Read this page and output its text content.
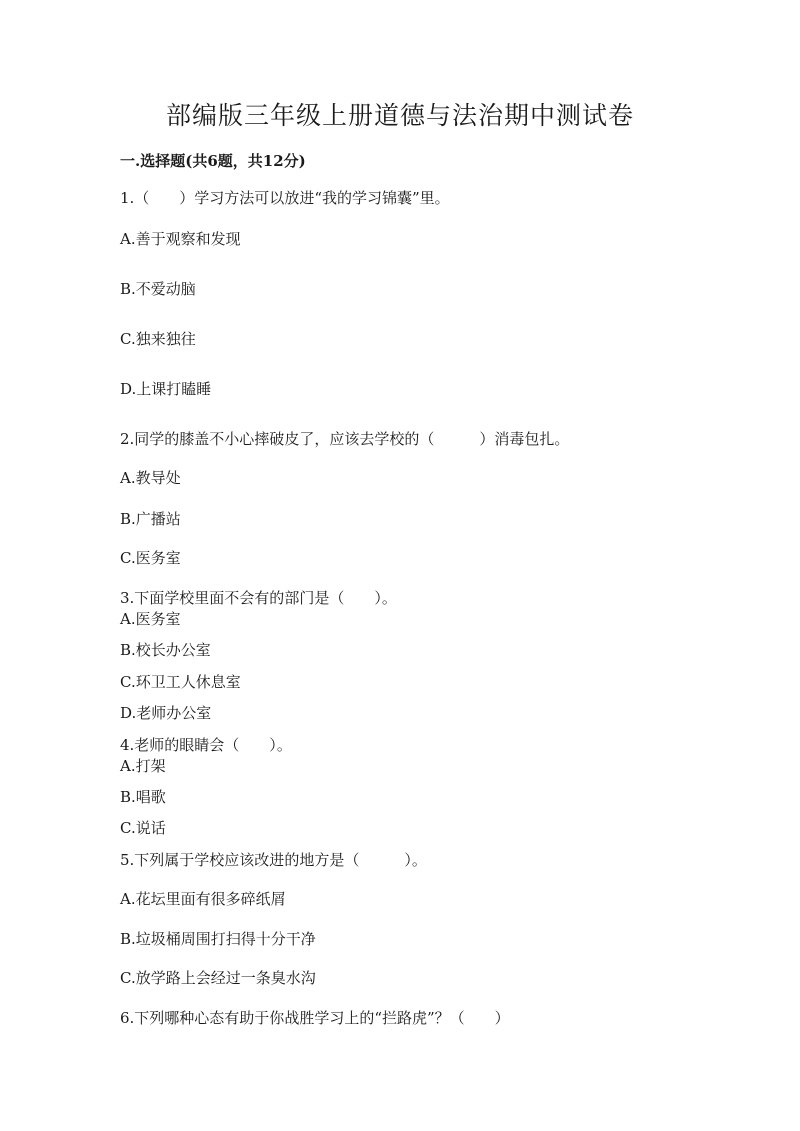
部编版三年级上册道德与法治期中测试卷

一.选择题(共6题，共12分)

1.（　　）学习方法可以放进“我的学习锦囊”里。

A.善于观察和发现

B.不爱动脑

C.独来独往

D.上课打瞌睡

2.同学的膝盖不小心摔破皮了，应该去学校的（　　　）消毒包扎。

A.教导处

B.广播站

C.医务室

3.下面学校里面不会有的部门是（　　）。

A.医务室

B.校长办公室

C.环卫工人休息室

D.老师办公室

4.老师的眼睛会（　　）。

A.打架

B.唱歌

C.说话

5.下列属于学校应该改进的地方是（　　　）。

A.花坛里面有很多碎纸屑

B.垃圾桶周围打扫得十分干净

C.放学路上会经过一条臭水沟

6.下列哪种心态有助于你战胜学习上的“拦路虎”？（　　）
